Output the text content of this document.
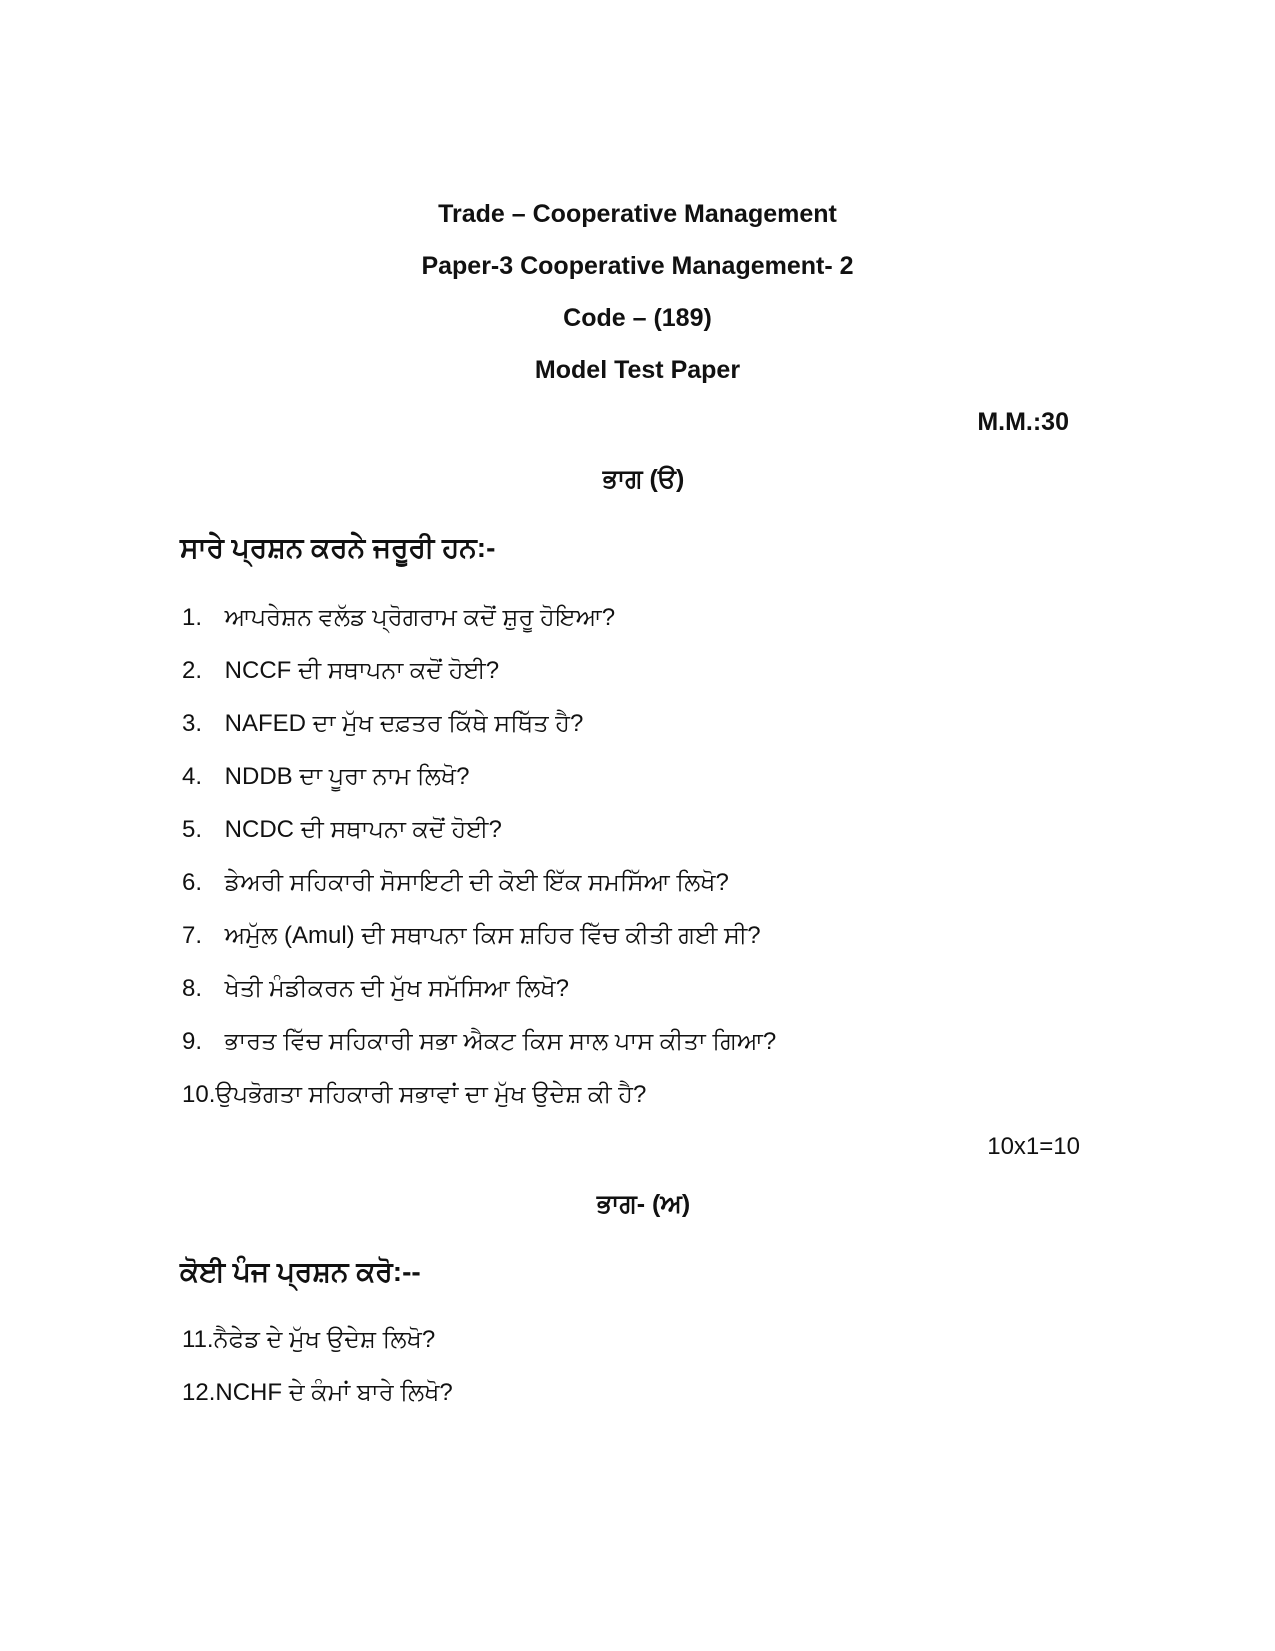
Trade – Cooperative Management
Paper-3 Cooperative Management- 2
Code – (189)
Model Test Paper
M.M.:30
ਭਾਗ (ੳ)
ਸਾਰੇ ਪ੍ਰਸ਼ਨ ਕਰਨੇ ਜਰੂਰੀ ਹਨ:-
1. ਆਪਰੇਸ਼ਨ ਵਲੱਡ ਪ੍ਰੋਗਰਾਮ ਕਦੋਂ ਸ਼ੁਰੂ ਹੋਇਆ?
2. NCCF ਦੀ ਸਥਾਪਨਾ ਕਦੋਂ ਹੋਈ?
3. NAFED ਦਾ ਮੁੱਖ ਦਫ਼ਤਰ ਕਿੱਥੇ ਸਥਿੱਤ ਹੈ?
4. NDDB ਦਾ ਪੂਰਾ ਨਾਮ ਲਿਖੋ?
5. NCDC ਦੀ ਸਥਾਪਨਾ ਕਦੋਂ ਹੋਈ?
6. ਡੇਅਰੀ ਸਹਿਕਾਰੀ ਸੋਸਾਇਟੀ ਦੀ ਕੋਈ ਇੱਕ ਸਮਸਿੱਆ ਲਿਖੋ?
7. ਅਮੁੱਲ (Amul) ਦੀ ਸਥਾਪਨਾ ਕਿਸ ਸ਼ਹਿਰ ਵਿੱਚ ਕੀਤੀ ਗਈ ਸੀ?
8. ਖੇਤੀ ਮੰਡੀਕਰਨ ਦੀ ਮੁੱਖ ਸਮੱਸਿਆ ਲਿਖੋ?
9. ਭਾਰਤ ਵਿੱਚ ਸਹਿਕਾਰੀ ਸਭਾ ਐਕਟ ਕਿਸ ਸਾਲ ਪਾਸ ਕੀਤਾ ਗਿਆ?
10.ਉਪਭੋਗਤਾ ਸਹਿਕਾਰੀ ਸਭਾਵਾਂ ਦਾ ਮੁੱਖ ਉਦੇਸ਼ ਕੀ ਹੈ?
10x1=10
ਭਾਗ- (ਅ)
ਕੋਈ ਪੰਜ ਪ੍ਰਸ਼ਨ ਕਰੋ:--
11.ਨੈਫੇਡ ਦੇ ਮੁੱਖ ਉਦੇਸ਼ ਲਿਖੋ?
12.NCHF ਦੇ ਕੰਮਾਂ ਬਾਰੇ ਲਿਖੋ?
